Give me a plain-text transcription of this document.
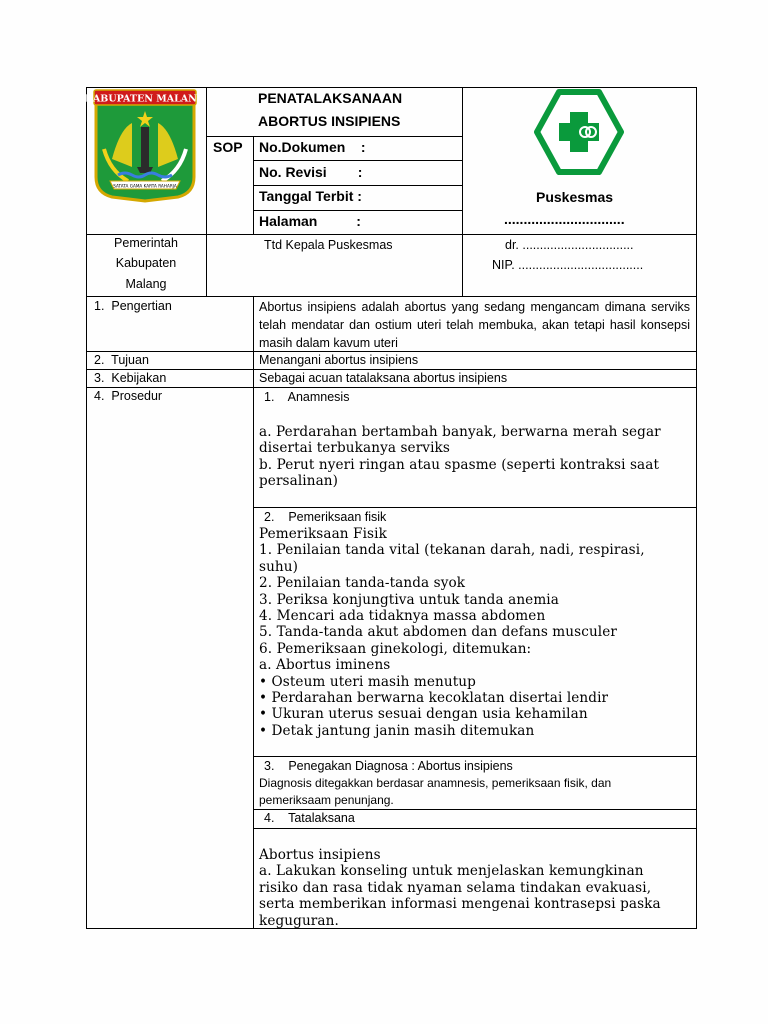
KABUPATEN MALANG
SATATA GAMA KARTA RAHARJA
PENATALAKSANAAN
ABORTUS INSIPIENS
SOP No.Dokumen    :
No. Revisi        :
Tanggal Terbit :
Halaman          :
Puskesmas
...............................
Pemerintah
Kabupaten
Malang
Ttd Kepala Puskesmas	dr. ................................
NIP. ....................................
1.  Pengertian	Abortus insipiens adalah abortus yang sedang mengancam dimana serviks telah mendatar dan ostium uteri telah membuka, akan tetapi hasil konsepsi masih dalam kavum uteri
2.  Tujuan	Menangani abortus insipiens
3.  Kebijakan	Sebagai acuan tatalaksana abortus insipiens
4.  Prosedur	1.    Anamnesis
a. Perdarahan bertambah banyak, berwarna merah segar
disertai terbukanya serviks
b. Perut nyeri ringan atau spasme (seperti kontraksi saat
persalinan)
2.    Pemeriksaan fisik
Pemeriksaan Fisik
1. Penilaian tanda vital (tekanan darah, nadi, respirasi,
suhu)
2. Penilaian tanda-tanda syok
3. Periksa konjungtiva untuk tanda anemia
4. Mencari ada tidaknya massa abdomen
5. Tanda-tanda akut abdomen dan defans musculer
6. Pemeriksaan ginekologi, ditemukan:
a. Abortus iminens
• Osteum uteri masih menutup
• Perdarahan berwarna kecoklatan disertai lendir
• Ukuran uterus sesuai dengan usia kehamilan
• Detak jantung janin masih ditemukan
3.    Penegakan Diagnosa : Abortus insipiens
Diagnosis ditegakkan berdasar anamnesis, pemeriksaan fisik, dan
pemeriksaam penunjang.
4.    Tatalaksana
Abortus insipiens
a. Lakukan konseling untuk menjelaskan kemungkinan
risiko dan rasa tidak nyaman selama tindakan evakuasi,
serta memberikan informasi mengenai kontrasepsi paska
keguguran.
